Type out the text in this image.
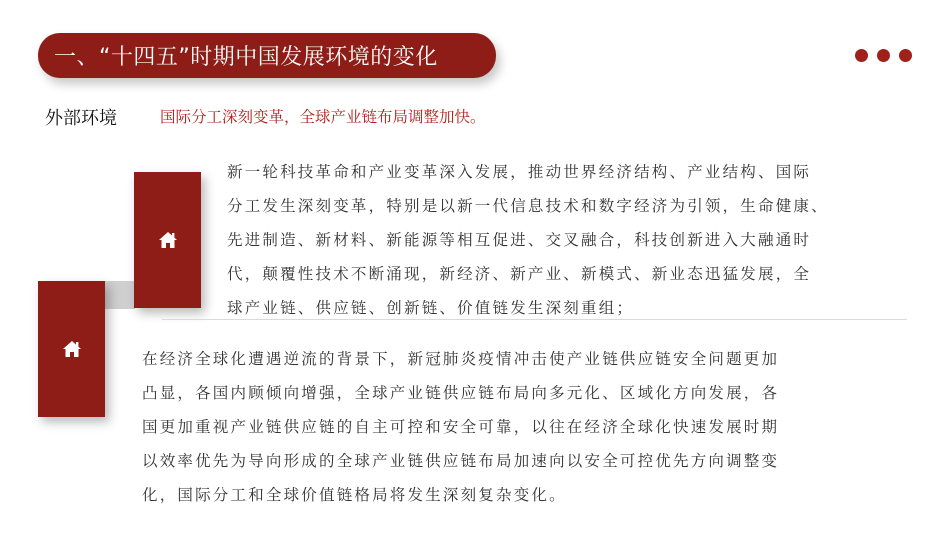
一、“十四五”时期中国发展环境的变化
外部环境	国际分工深刻变革，全球产业链布局调整加快。
新一轮科技革命和产业变革深入发展，推动世界经济结构、产业结构、国际
分工发生深刻变革，特别是以新一代信息技术和数字经济为引领，生命健康、
先进制造、新材料、新能源等相互促进、交叉融合，科技创新进入大融通时
代，颠覆性技术不断涌现，新经济、新产业、新模式、新业态迅猛发展，全
球产业链、供应链、创新链、价值链发生深刻重组；
在经济全球化遭遇逆流的背景下，新冠肺炎疫情冲击使产业链供应链安全问题更加
凸显，各国内顾倾向增强，全球产业链供应链布局向多元化、区域化方向发展，各
国更加重视产业链供应链的自主可控和安全可靠，以往在经济全球化快速发展时期
以效率优先为导向形成的全球产业链供应链布局加速向以安全可控优先方向调整变
化，国际分工和全球价值链格局将发生深刻复杂变化。
